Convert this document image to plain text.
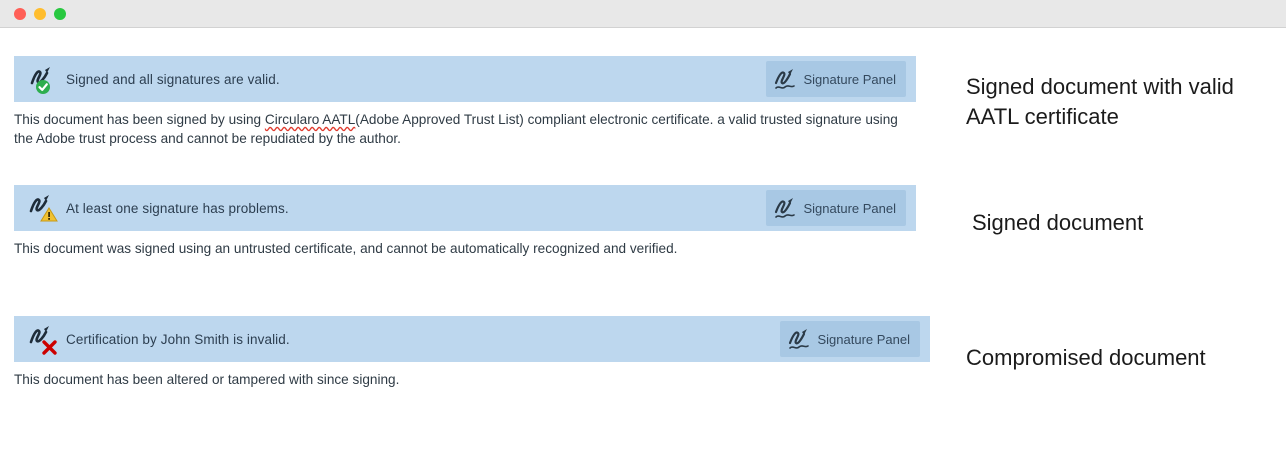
Signed and all signatures are valid.	Signature Panel
This document has been signed by using Circularo AATL(Adobe Approved Trust List) compliant electronic certificate. a valid trusted signature using the Adobe trust process and cannot be repudiated by the author.
At least one signature has problems.	Signature Panel
This document was signed using an untrusted certificate, and cannot be automatically recognized and verified.
Certification by John Smith is invalid.	Signature Panel
This document has been altered or tampered with since signing.
Signed document with valid AATL certificate
Signed document
Compromised document
